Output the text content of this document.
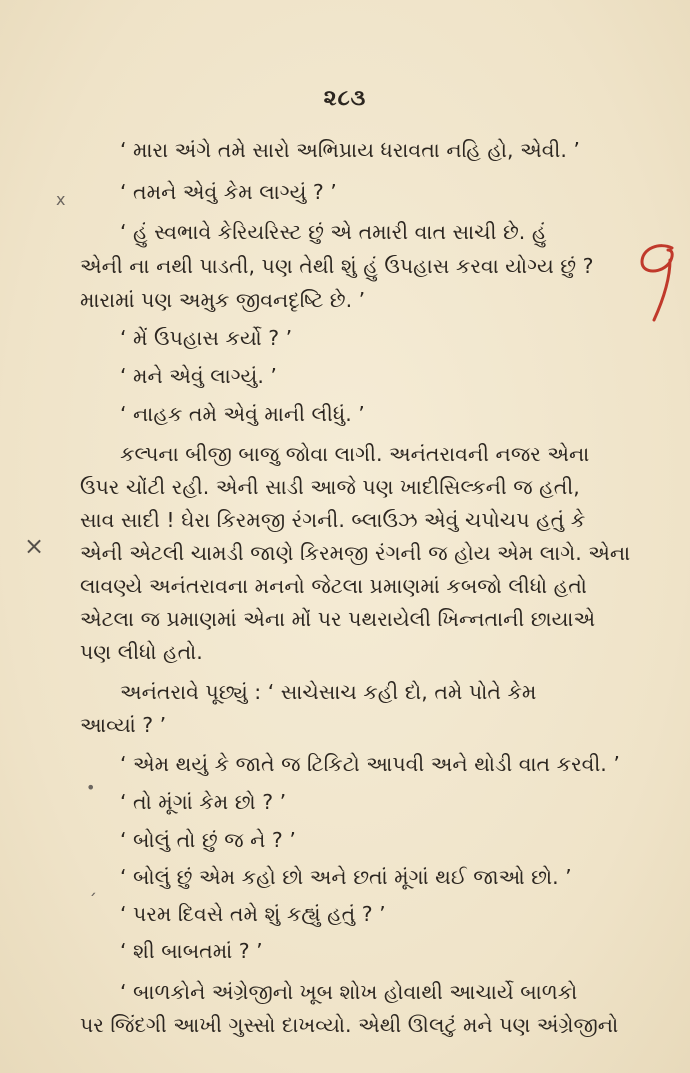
૨૮૩
‘ મારા અંગે તમે સારો અભિપ્રાય ધરાવતા નહિ હો, એવી. ’
‘ તમને એવું કેમ લાગ્યું ? ’
‘ હું સ્વભાવે કેરિયરિસ્ટ છું એ તમારી વાત સાચી છે. હું
એની ના નથી પાડતી, પણ તેથી શું હું ઉપહાસ કરવા યોગ્ય છું ?
મારામાં પણ અમુક જીવનદૃષ્ટિ છે. ’
‘ મેં ઉપહાસ કર્યો ? ’
‘ મને એવું લાગ્યું. ’
‘ નાહક તમે એવું માની લીધું. ’
કલ્પના બીજી બાજુ જોવા લાગી. અનંતરાવની નજર એના
ઉપર ચોંટી રહી. એની સાડી આજે પણ ખાદીસિલ્કની જ હતી,
સાવ સાદી ! ઘેરા કિરમજી રંગની. બ્લાઉઝ એવું ચપોચપ હતું કે
એની એટલી ચામડી જાણે કિરમજી રંગની જ હોય એમ લાગે. એના
લાવણ્યે અનંતરાવના મનનો જેટલા પ્રમાણમાં કબજો લીધો હતો
એટલા જ પ્રમાણમાં એના મોં પર પથરાયેલી ખિન્નતાની છાયાએ
પણ લીધો હતો.
અનંતરાવે પૂછ્યું : ‘ સાચેસાચ કહી દો, તમે પોતે કેમ
આવ્યાં ? ’
‘ એમ થયું કે જાતે જ ટિકિટો આપવી અને થોડી વાત કરવી. ’
‘ તો મૂંગાં કેમ છો ? ’
‘ બોલું તો છું જ ને ? ’
‘ બોલું છું એમ કહો છો અને છતાં મૂંગાં થઈ જાઓ છો. ’
‘ પરમ દિવસે તમે શું કહ્યું હતું ? ’
‘ શી બાબતમાં ? ’
‘ બાળકોને અંગ્રેજીનો ખૂબ શોખ હોવાથી આચાર્યે બાળકો
પર જિંદગી આખી ગુસ્સો દાખવ્યો. એથી ઊલટું મને પણ અંગ્રેજીનો
x
×
•
ˏ
